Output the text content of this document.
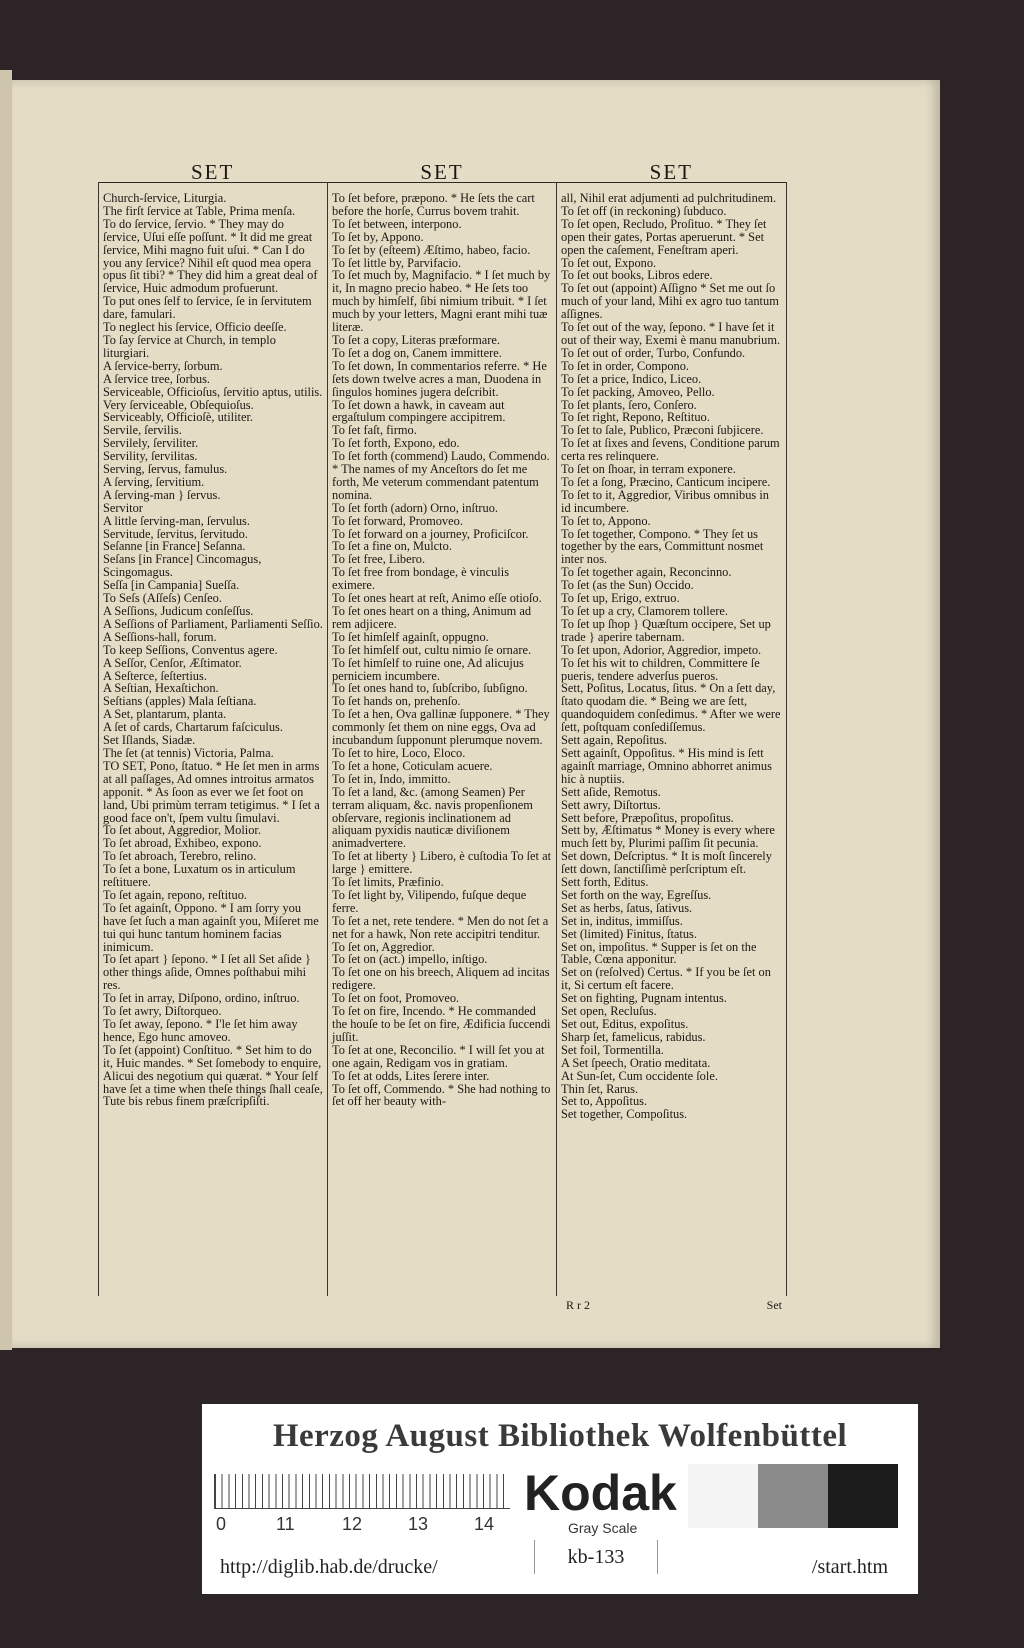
SET	SET	SET

Church-ſervice, Liturgia.

The firſt ſervice at Table, Prima menſa.

To do ſervice, ſervio. * They may do ſervice, Uſui eſſe poſſunt. * It did me great ſervice, Mihi magno fuit uſui. * Can I do you any ſervice? Nihil eſt quod mea opera opus ſit tibi? * They did him a great deal of ſervice, Huic admodum profuerunt.

To put ones ſelf to ſervice, ſe in ſervitutem dare, famulari.

To neglect his ſervice, Officio deeſſe.

To ſay ſervice at Church, in templo liturgiari.

A ſervice-berry, ſorbum.

A ſervice tree, ſorbus.

Serviceable, Officioſus, ſervitio aptus, utilis.

Very ſerviceable, Obſequioſus.

Serviceably, Officioſè, utiliter.

Servile, ſervilis.

Servilely, ſerviliter.

Servility, ſervilitas.

Serving, ſervus, famulus.

A ſerving, ſervitium.

A ſerving-man } ſervus.

Servitor

A little ſerving-man, ſervulus.

Servitude, ſervitus, ſervitudo.

Seſanne [in France] Seſanna.

Seſans [in France] Cincomagus, Scingomagus.

Seſſa [in Campania] Sueſſa.

To Seſs (Aſſeſs) Cenſeo.

A Seſſions, Judicum conſeſſus.

A Seſſions of Parliament, Parliamenti Seſſio.

A Seſſions-hall, forum.

To keep Seſſions, Conventus agere.

A Seſſor, Cenſor, Æſtimator.

A Seſterce, ſeſtertius.

A Seſtian, Hexaſtichon.

Seſtians (apples) Mala ſeſtiana.

A Set, plantarum, planta.

A ſet of cards, Chartarum faſciculus.

Set Iſlands, Siadæ.

The ſet (at tennis) Victoria, Palma.

TO SET, Pono, ſtatuo. * He ſet men in arms at all paſſages, Ad omnes introitus armatos apponit. * As ſoon as ever we ſet foot on land, Ubi primùm terram tetigimus. * I ſet a good face on't, ſpem vultu ſimulavi.

To ſet about, Aggredior, Molior.

To ſet abroad, Exhibeo, expono.

To ſet abroach, Terebro, relino.

To ſet a bone, Luxatum os in articulum reſtituere.

To ſet again, repono, reſtituo.

To ſet againſt, Oppono. * I am ſorry you have ſet ſuch a man againſt you, Miſeret me tui qui hunc tantum hominem facias inimicum.

To ſet apart } ſepono. * I ſet all Set aſide } other things aſide, Omnes poſthabui mihi res.

To ſet in array, Diſpono, ordino, inſtruo.

To ſet awry, Diſtorqueo.

To ſet away, ſepono. * I'le ſet him away hence, Ego hunc amoveo.

To ſet (appoint) Conſtituo. * Set him to do it, Huic mandes. * Set ſomebody to enquire, Alicui des negotium qui quærat. * Your ſelf have ſet a time when theſe things ſhall ceaſe, Tute bis rebus finem præſcripſiſti.

To ſet before, præpono. * He ſets the cart before the horſe, Currus bovem trahit.

To ſet between, interpono.

To ſet by, Appono.

To ſet by (eſteem) Æſtimo, habeo, facio.

To ſet little by, Parvifacio.

To ſet much by, Magnifacio. * I ſet much by it, In magno precio habeo. * He ſets too much by himſelf, ſibi nimium tribuit. * I ſet much by your letters, Magni erant mihi tuæ literæ.

To ſet a copy, Literas præformare.

To ſet a dog on, Canem immittere.

To ſet down, In commentarios referre. * He ſets down twelve acres a man, Duodena in ſingulos homines jugera deſcribit.

To ſet down a hawk, in caveam aut ergaſtulum compingere accipitrem.

To ſet faſt, firmo.

To ſet forth, Expono, edo.

To ſet forth (commend) Laudo, Commendo. * The names of my Anceſtors do ſet me forth, Me veterum commendant patentum nomina.

To ſet forth (adorn) Orno, inſtruo.

To ſet forward, Promoveo.

To ſet forward on a journey, Proficiſcor.

To ſet a fine on, Mulcto.

To ſet free, Libero.

To ſet free from bondage, è vinculis eximere.

To ſet ones heart at reſt, Animo eſſe otioſo.

To ſet ones heart on a thing, Animum ad rem adjicere.

To ſet himſelf againſt, oppugno.

To ſet himſelf out, cultu nimio ſe ornare.

To ſet himſelf to ruine one, Ad alicujus perniciem incumbere.

To ſet ones hand to, ſubſcribo, ſubſigno.

To ſet hands on, prehenſo.

To ſet a hen, Ova gallinæ ſupponere. * They commonly ſet them on nine eggs, Ova ad incubandum ſupponunt plerumque novem.

To ſet to hire, Loco, Eloco.

To ſet a hone, Coticulam acuere.

To ſet in, Indo, immitto.

To ſet a land, &c. (among Seamen) Per terram aliquam, &c. navis propenſionem obſervare, regionis inclinationem ad aliquam pyxidis nauticæ diviſionem animadvertere.

To ſet at liberty } Libero, è cuſtodia To ſet at large } emittere.

To ſet limits, Præfinio.

To ſet light by, Vilipendo, fuſque deque ferre.

To ſet a net, rete tendere. * Men do not ſet a net for a hawk, Non rete accipitri tenditur.

To ſet on, Aggredior.

To ſet on (act.) impello, inſtigo.

To ſet one on his breech, Aliquem ad incitas redigere.

To ſet on foot, Promoveo.

To ſet on fire, Incendo. * He commanded the houſe to be ſet on fire, Ædificia ſuccendi juſſit.

To ſet at one, Reconcilio. * I will ſet you at one again, Redigam vos in gratiam.

To ſet at odds, Lites ſerere inter.

To ſet off, Commendo. * She had nothing to ſet off her beauty with-

all, Nihil erat adjumenti ad pulchritudinem.

To ſet off (in reckoning) ſubduco.

To ſet open, Recludo, Proſituo. * They ſet open their gates, Portas aperuerunt. * Set open the caſement, Feneſtram aperi.

To ſet out, Expono.

To ſet out books, Libros edere.

To ſet out (appoint) Aſſigno * Set me out ſo much of your land, Mihi ex agro tuo tantum aſſignes.

To ſet out of the way, ſepono. * I have ſet it out of their way, Exemi è manu manubrium.

To ſet out of order, Turbo, Confundo.

To ſet in order, Compono.

To ſet a price, Indico, Liceo.

To ſet packing, Amoveo, Pello.

To ſet plants, ſero, Conſero.

To ſet right, Repono, Reſtituo.

To ſet to ſale, Publico, Præconi ſubjicere.

To ſet at ſixes and ſevens, Conditione parum certa res relinquere.

To ſet on ſhoar, in terram exponere.

To ſet a ſong, Præcino, Canticum incipere.

To ſet to it, Aggredior, Viribus omnibus in id incumbere.

To ſet to, Appono.

To ſet together, Compono. * They ſet us together by the ears, Committunt nosmet inter nos.

To ſet together again, Reconcinno.

To ſet (as the Sun) Occido.

To ſet up, Erigo, extruo.

To ſet up a cry, Clamorem tollere.

To ſet up ſhop } Quæſtum occipere, Set up trade } aperire tabernam.

To ſet upon, Adorior, Aggredior, impeto.

To ſet his wit to children, Committere ſe pueris, tendere adverſus pueros.

Sett, Poſitus, Locatus, ſitus. * On a ſett day, ſtato quodam die. * Being we are ſett, quandoquidem conſedimus. * After we were ſett, poſtquam conſediſſemus.

Sett again, Repoſitus.

Sett againſt, Oppoſitus. * His mind is ſett againſt marriage, Omnino abhorret animus hic à nuptiis.

Sett aſide, Remotus.

Sett awry, Diſtortus.

Sett before, Præpoſitus, propoſitus.

Sett by, Æſtimatus * Money is every where much ſett by, Plurimi paſſim ſit pecunia.

Set down, Deſcriptus. * It is moſt ſincerely ſett down, ſanctiſſimè perſcriptum eſt.

Sett forth, Editus.

Set forth on the way, Egreſſus.

Set as herbs, ſatus, ſativus.

Set in, inditus, immiſſus.

Set (limited) Finitus, ſtatus.

Set on, impoſitus. * Supper is ſet on the Table, Cœna apponitur.

Set on (reſolved) Certus. * If you be ſet on it, Si certum eſt facere.

Set on fighting, Pugnam intentus.

Set open, Recluſus.

Set out, Editus, expoſitus.

Sharp ſet, famelicus, rabidus.

Set foil, Tormentilla.

A Set ſpeech, Oratio meditata.

At Sun-ſet, Cum occidente ſole.

Thin ſet, Rarus.

Set to, Appoſitus.

Set together, Compoſitus.

R r 2	Set
Herzog August Bibliothek Wolfenbüttel
0	11	12	13	14
Kodak
Gray Scale
http://diglib.hab.de/drucke/	kb-133	/start.htm
